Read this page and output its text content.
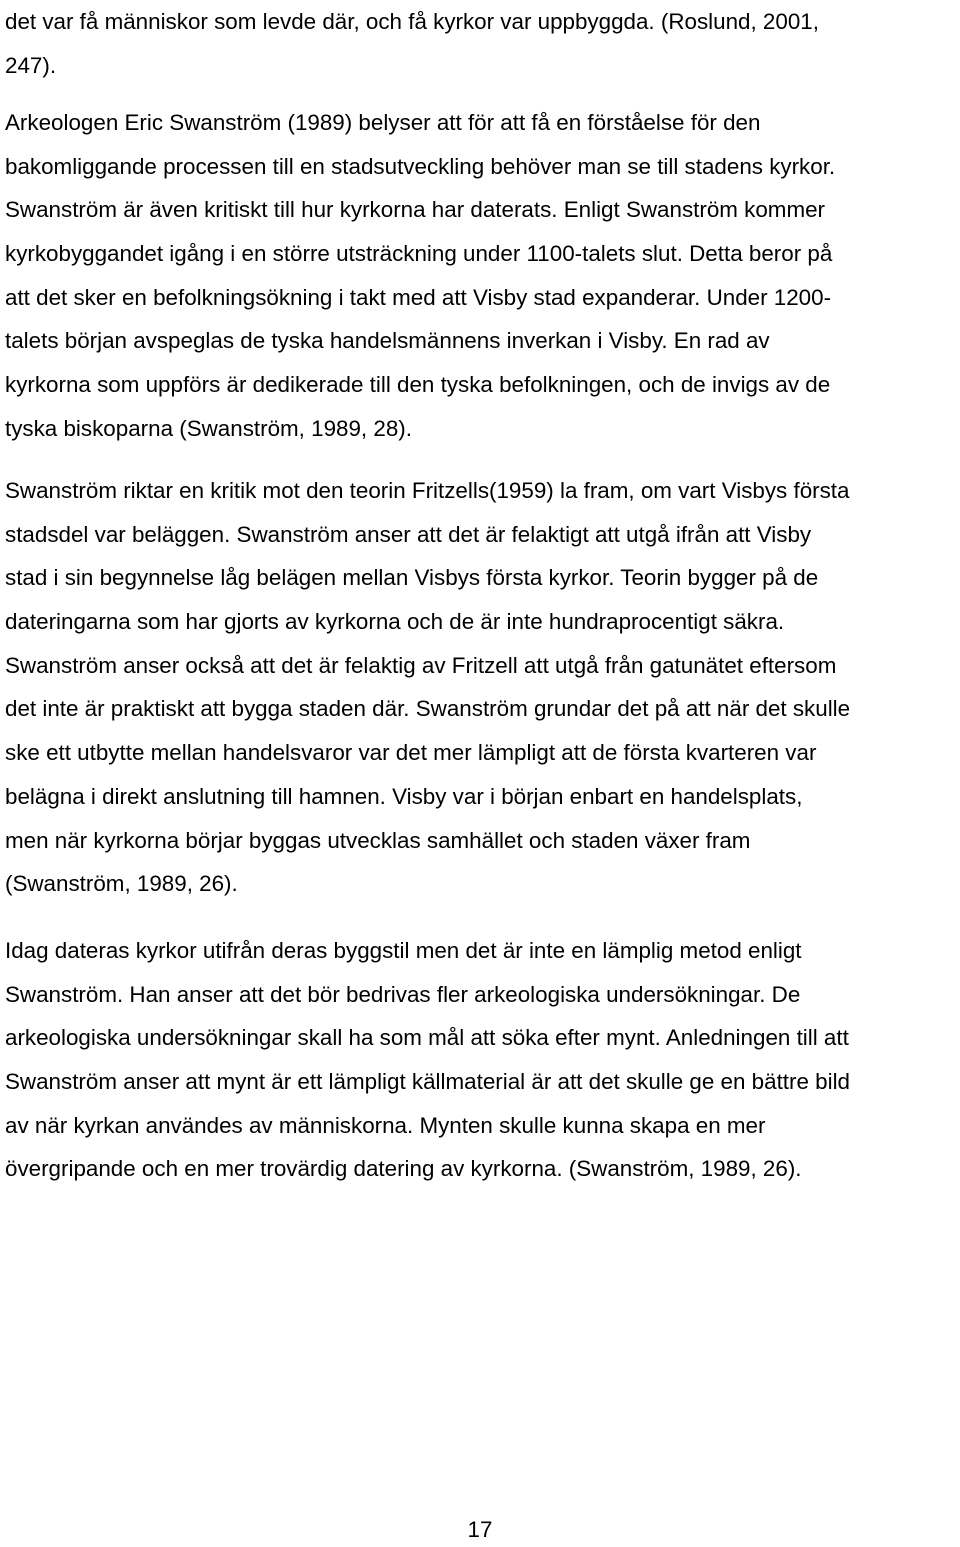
det var få människor som levde där, och få kyrkor var uppbyggda. (Roslund, 2001,
247).

Arkeologen Eric Swanström (1989) belyser att för att få en förståelse för den
bakomliggande processen till en stadsutveckling behöver man se till stadens kyrkor.
Swanström är även kritiskt till hur kyrkorna har daterats. Enligt Swanström kommer
kyrkobyggandet igång i en större utsträckning under 1100-talets slut. Detta beror på
att det sker en befolkningsökning i takt med att Visby stad expanderar. Under 1200-
talets början avspeglas de tyska handelsmännens inverkan i Visby. En rad av
kyrkorna som uppförs är dedikerade till den tyska befolkningen, och de invigs av de
tyska biskoparna (Swanström, 1989, 28).

Swanström riktar en kritik mot den teorin Fritzells(1959) la fram, om vart Visbys första
stadsdel var beläggen. Swanström anser att det är felaktigt att utgå ifrån att Visby
stad i sin begynnelse låg belägen mellan Visbys första kyrkor. Teorin bygger på de
dateringarna som har gjorts av kyrkorna och de är inte hundraprocentigt säkra.
Swanström anser också att det är felaktig av Fritzell att utgå från gatunätet eftersom
det inte är praktiskt att bygga staden där. Swanström grundar det på att när det skulle
ske ett utbytte mellan handelsvaror var det mer lämpligt att de första kvarteren var
belägna i direkt anslutning till hamnen. Visby var i början enbart en handelsplats,
men när kyrkorna börjar byggas utvecklas samhället och staden växer fram
(Swanström, 1989, 26).

Idag dateras kyrkor utifrån deras byggstil men det är inte en lämplig metod enligt
Swanström. Han anser att det bör bedrivas fler arkeologiska undersökningar. De
arkeologiska undersökningar skall ha som mål att söka efter mynt. Anledningen till att
Swanström anser att mynt är ett lämpligt källmaterial är att det skulle ge en bättre bild
av när kyrkan användes av människorna. Mynten skulle kunna skapa en mer
övergripande och en mer trovärdig datering av kyrkorna. (Swanström, 1989, 26).

17
